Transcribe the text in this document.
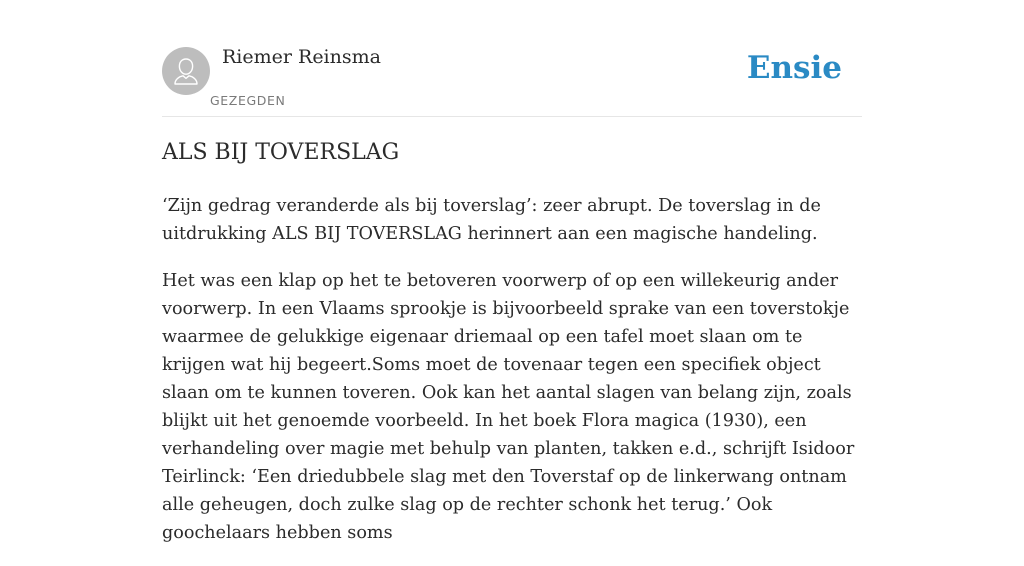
Riemer Reinsma
GEZEGDEN
Ensie
ALS BIJ TOVERSLAG

‘Zijn gedrag veranderde als bij toverslag’: zeer abrupt. De toverslag in de uitdrukking ALS BIJ TOVERSLAG herinnert aan een magische handeling.

Het was een klap op het te betoveren voorwerp of op een willekeurig ander voorwerp. In een Vlaams sprookje is bijvoorbeeld sprake van een toverstokje waarmee de gelukkige eigenaar driemaal op een tafel moet slaan om te krijgen wat hij begeert.Soms moet de tovenaar tegen een specifiek object slaan om te kunnen toveren. Ook kan het aantal slagen van belang zijn, zoals blijkt uit het genoemde voorbeeld. In het boek Flora magica (1930), een verhandeling over magie met behulp van planten, takken e.d., schrijft Isidoor Teirlinck: ‘Een driedubbele slag met den Toverstaf op de linkerwang ontnam alle geheugen, doch zulke slag op de rechter schonk het terug.’ Ook goochelaars hebben soms
